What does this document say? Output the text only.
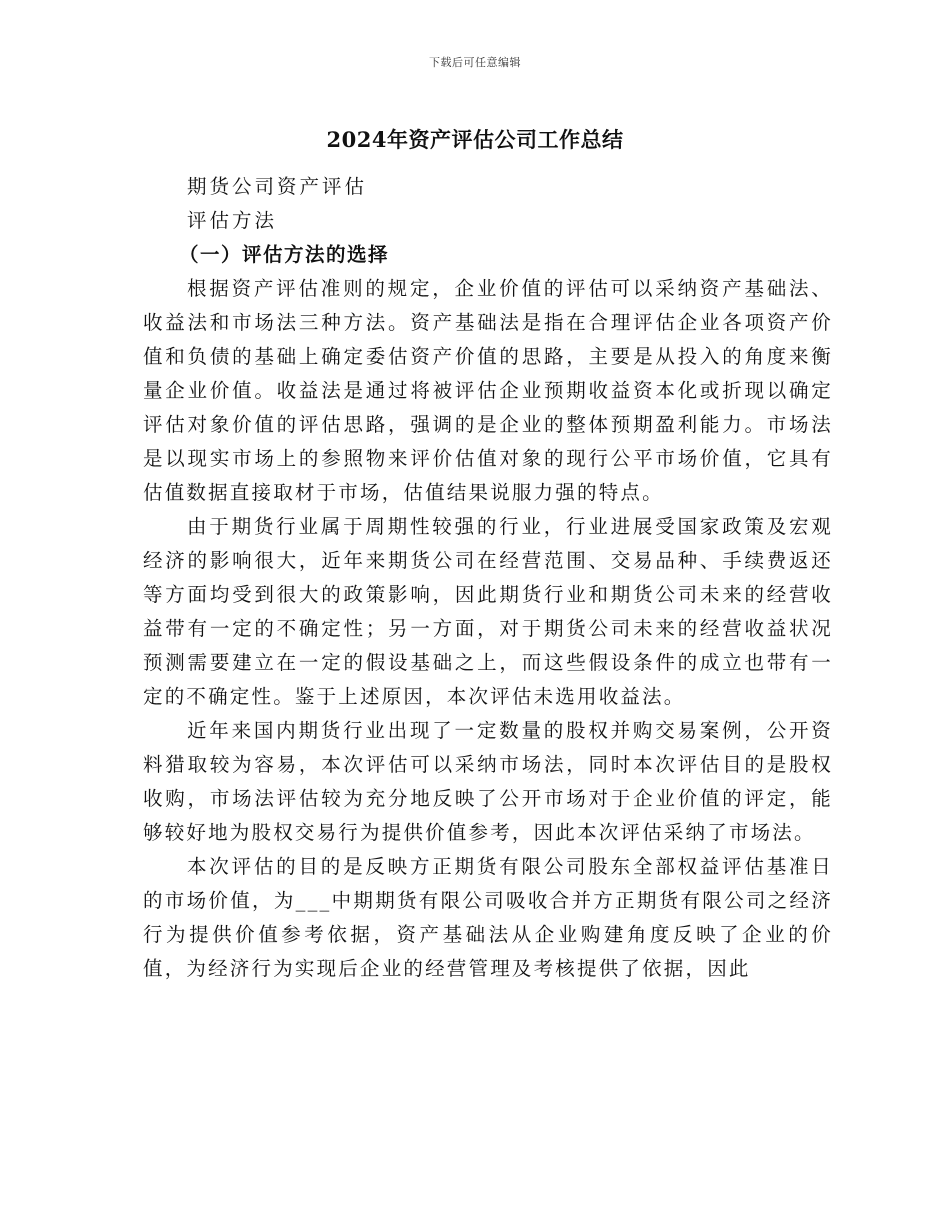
下载后可任意编辑
2024年资产评估公司工作总结
期货公司资产评估
评估方法
（一）评估方法的选择

根据资产评估准则的规定，企业价值的评估可以采纳资产基础法、收益法和市场法三种方法。资产基础法是指在合理评估企业各项资产价值和负债的基础上确定委估资产价值的思路，主要是从投入的角度来衡量企业价值。收益法是通过将被评估企业预期收益资本化或折现以确定评估对象价值的评估思路，强调的是企业的整体预期盈利能力。市场法是以现实市场上的参照物来评价估值对象的现行公平市场价值，它具有估值数据直接取材于市场，估值结果说服力强的特点。

由于期货行业属于周期性较强的行业，行业进展受国家政策及宏观经济的影响很大，近年来期货公司在经营范围、交易品种、手续费返还等方面均受到很大的政策影响，因此期货行业和期货公司未来的经营收益带有一定的不确定性；另一方面，对于期货公司未来的经营收益状况预测需要建立在一定的假设基础之上，而这些假设条件的成立也带有一定的不确定性。鉴于上述原因，本次评估未选用收益法。

近年来国内期货行业出现了一定数量的股权并购交易案例，公开资料猎取较为容易，本次评估可以采纳市场法，同时本次评估目的是股权收购，市场法评估较为充分地反映了公开市场对于企业价值的评定，能够较好地为股权交易行为提供价值参考，因此本次评估采纳了市场法。

本次评估的目的是反映方正期货有限公司股东全部权益评估基准日的市场价值，为___中期期货有限公司吸收合并方正期货有限公司之经济行为提供价值参考依据，资产基础法从企业购建角度反映了企业的价值，为经济行为实现后企业的经营管理及考核提供了依据，因此
